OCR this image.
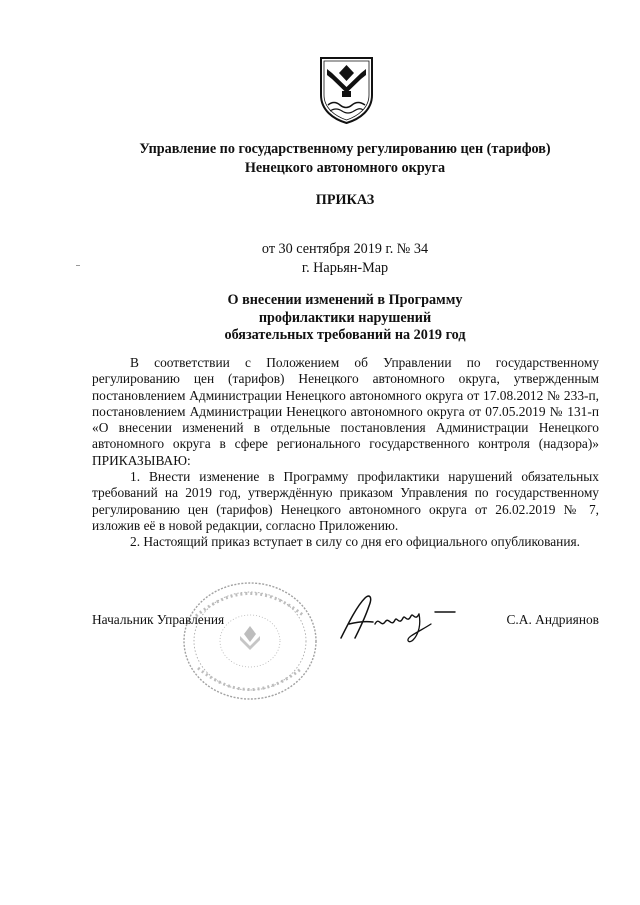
Управление по государственному регулированию цен (тарифов)
Ненецкого автономного округа
ПРИКАЗ
от 30 сентября 2019 г. № 34
г. Нарьян-Мар
О внесении изменений в Программу
профилактики нарушений
обязательных требований на 2019 год

В соответствии с Положением об Управлении по государственному регулированию цен (тарифов) Ненецкого автономного округа, утвержденным постановлением Администрации Ненецкого автономного округа от 17.08.2012 № 233-п, постановлением Администрации Ненецкого автономного округа от 07.05.2019 № 131-п «О внесении изменений в отдельные постановления Администрации Ненецкого автономного округа в сфере регионального государственного контроля (надзора)» ПРИКАЗЫВАЮ:

1. Внести изменение в Программу профилактики нарушений обязательных требований на 2019 год, утверждённую приказом Управления по государственному регулированию цен (тарифов) Ненецкого автономного округа от 26.02.2019 № 7, изложив её в новой редакции, согласно Приложению.

2. Настоящий приказ вступает в силу со дня его официального опубликования.

Начальник Управления	С.А. Андриянов
